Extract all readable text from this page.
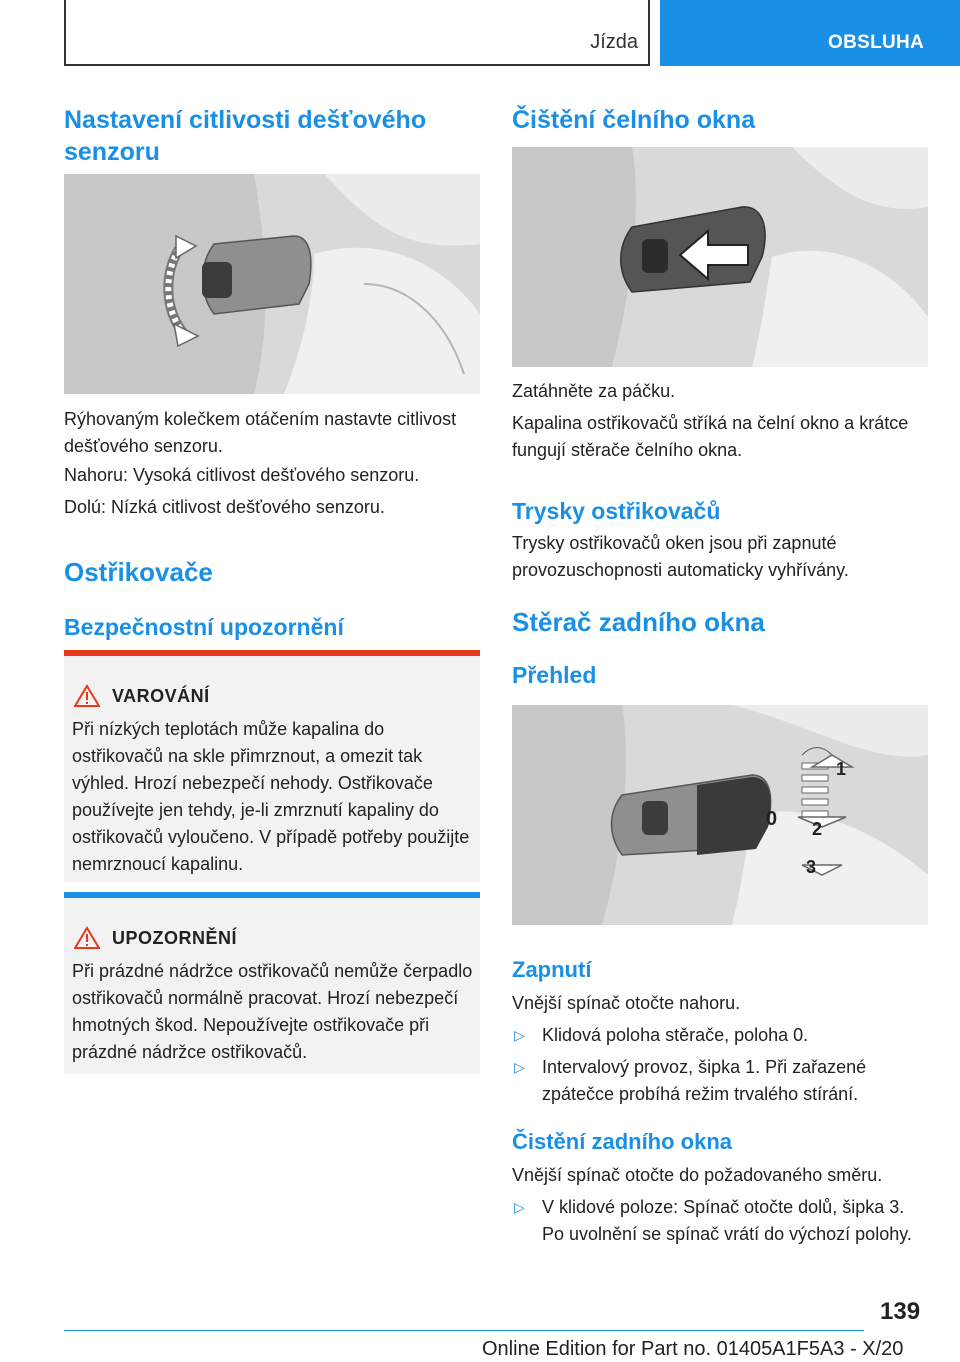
Jízda	OBSLUHA
Nastavení citlivosti dešťového senzoru
Rýhovaným kolečkem otáčením nastavte citlivost dešťového senzoru.
Nahoru: Vysoká citlivost dešťového senzoru.
Dolú: Nízká citlivost dešťového senzoru.
Ostřikovače
Bezpečnostní upozornění
VAROVÁNÍ
Při nízkých teplotách může kapalina do ostřikovačů na skle přimrznout, a omezit tak výhled. Hrozí nebezpečí nehody. Ostřikovače používejte jen tehdy, je-li zmrznutí kapaliny do ostřikovačů vyloučeno. V případě potřeby použijte nemrznoucí kapalinu.
UPOZORNĚNÍ
Při prázdné nádržce ostřikovačů nemůže čerpadlo ostřikovačů normálně pracovat. Hrozí nebezpečí hmotných škod. Nepoužívejte ostřikovače při prázdné nádržce ostřikovačů.
Čištění čelního okna
Zatáhněte za páčku.
Kapalina ostřikovačů stříká na čelní okno a krátce fungují stěrače čelního okna.
Trysky ostřikovačů
Trysky ostřikovačů oken jsou při zapnuté provozuschopnosti automaticky vyhřívány.
Stěrač zadního okna
Přehled
1
0 2
3
Zapnutí
Vnější spínač otočte nahoru.
▷ Klidová poloha stěrače, poloha 0.
▷ Intervalový provoz, šipka 1. Při zařazené zpátečce probíhá režim trvalého stírání.
Čistění zadního okna
Vnější spínač otočte do požadovaného směru.
▷ V klidové poloze: Spínač otočte dolů, šipka 3. Po uvolnění se spínač vrátí do výchozí polohy.
139
Online Edition for Part no. 01405A1F5A3 - X/20
